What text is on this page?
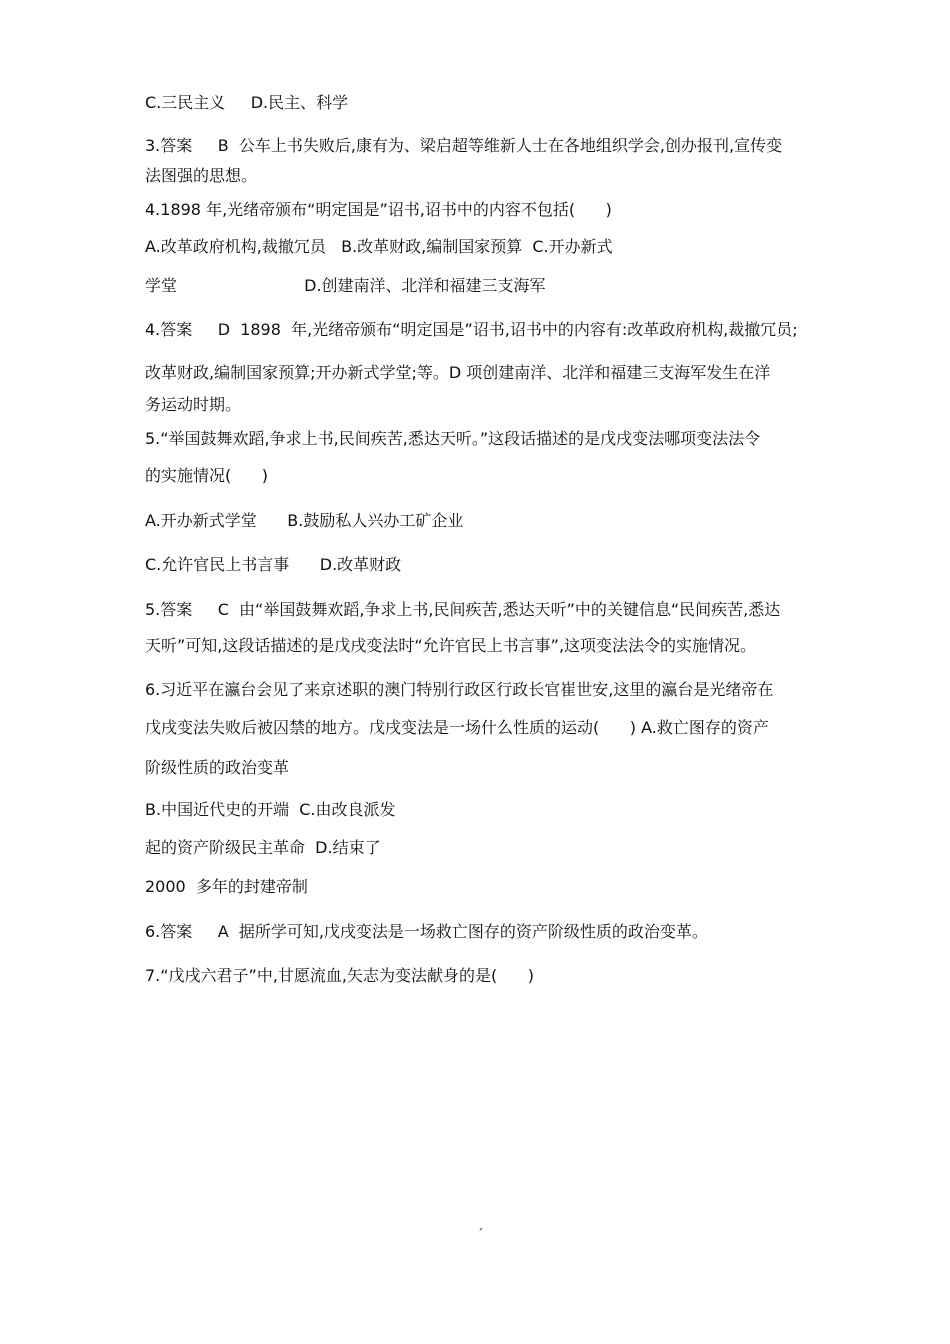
C.三民主义     D.民主、科学
3.答案     B  公车上书失败后,康有为、梁启超等维新人士在各地组织学会,创办报刊,宣传变
法图强的思想。
4.1898 年,光绪帝颁布“明定国是”诏书,诏书中的内容不包括(      )
A.改革政府机构,裁撤冗员   B.改革财政,编制国家预算  C.开办新式
学堂                         D.创建南洋、北洋和福建三支海军
4.答案     D  1898  年,光绪帝颁布“明定国是”诏书,诏书中的内容有:改革政府机构,裁撤冗员;
改革财政,编制国家预算;开办新式学堂;等。D 项创建南洋、北洋和福建三支海军发生在洋
务运动时期。
5.“举国鼓舞欢蹈,争求上书,民间疾苦,悉达天听。”这段话描述的是戊戌变法哪项变法法令
的实施情况(      )
A.开办新式学堂      B.鼓励私人兴办工矿企业
C.允许官民上书言事      D.改革财政
5.答案     C  由“举国鼓舞欢蹈,争求上书,民间疾苦,悉达天听”中的关键信息“民间疾苦,悉达
天听”可知,这段话描述的是戊戌变法时“允许官民上书言事”,这项变法法令的实施情况。
6.习近平在瀛台会见了来京述职的澳门特别行政区行政长官崔世安,这里的瀛台是光绪帝在
戊戌变法失败后被囚禁的地方。戊戌变法是一场什么性质的运动(      ) A.救亡图存的资产
阶级性质的政治变革
B.中国近代史的开端  C.由改良派发
起的资产阶级民主革命  D.结束了
2000  多年的封建帝制
6.答案     A  据所学可知,戊戌变法是一场救亡图存的资产阶级性质的政治变革。
7.“戊戌六君子”中,甘愿流血,矢志为变法献身的是(      )
ˊ
